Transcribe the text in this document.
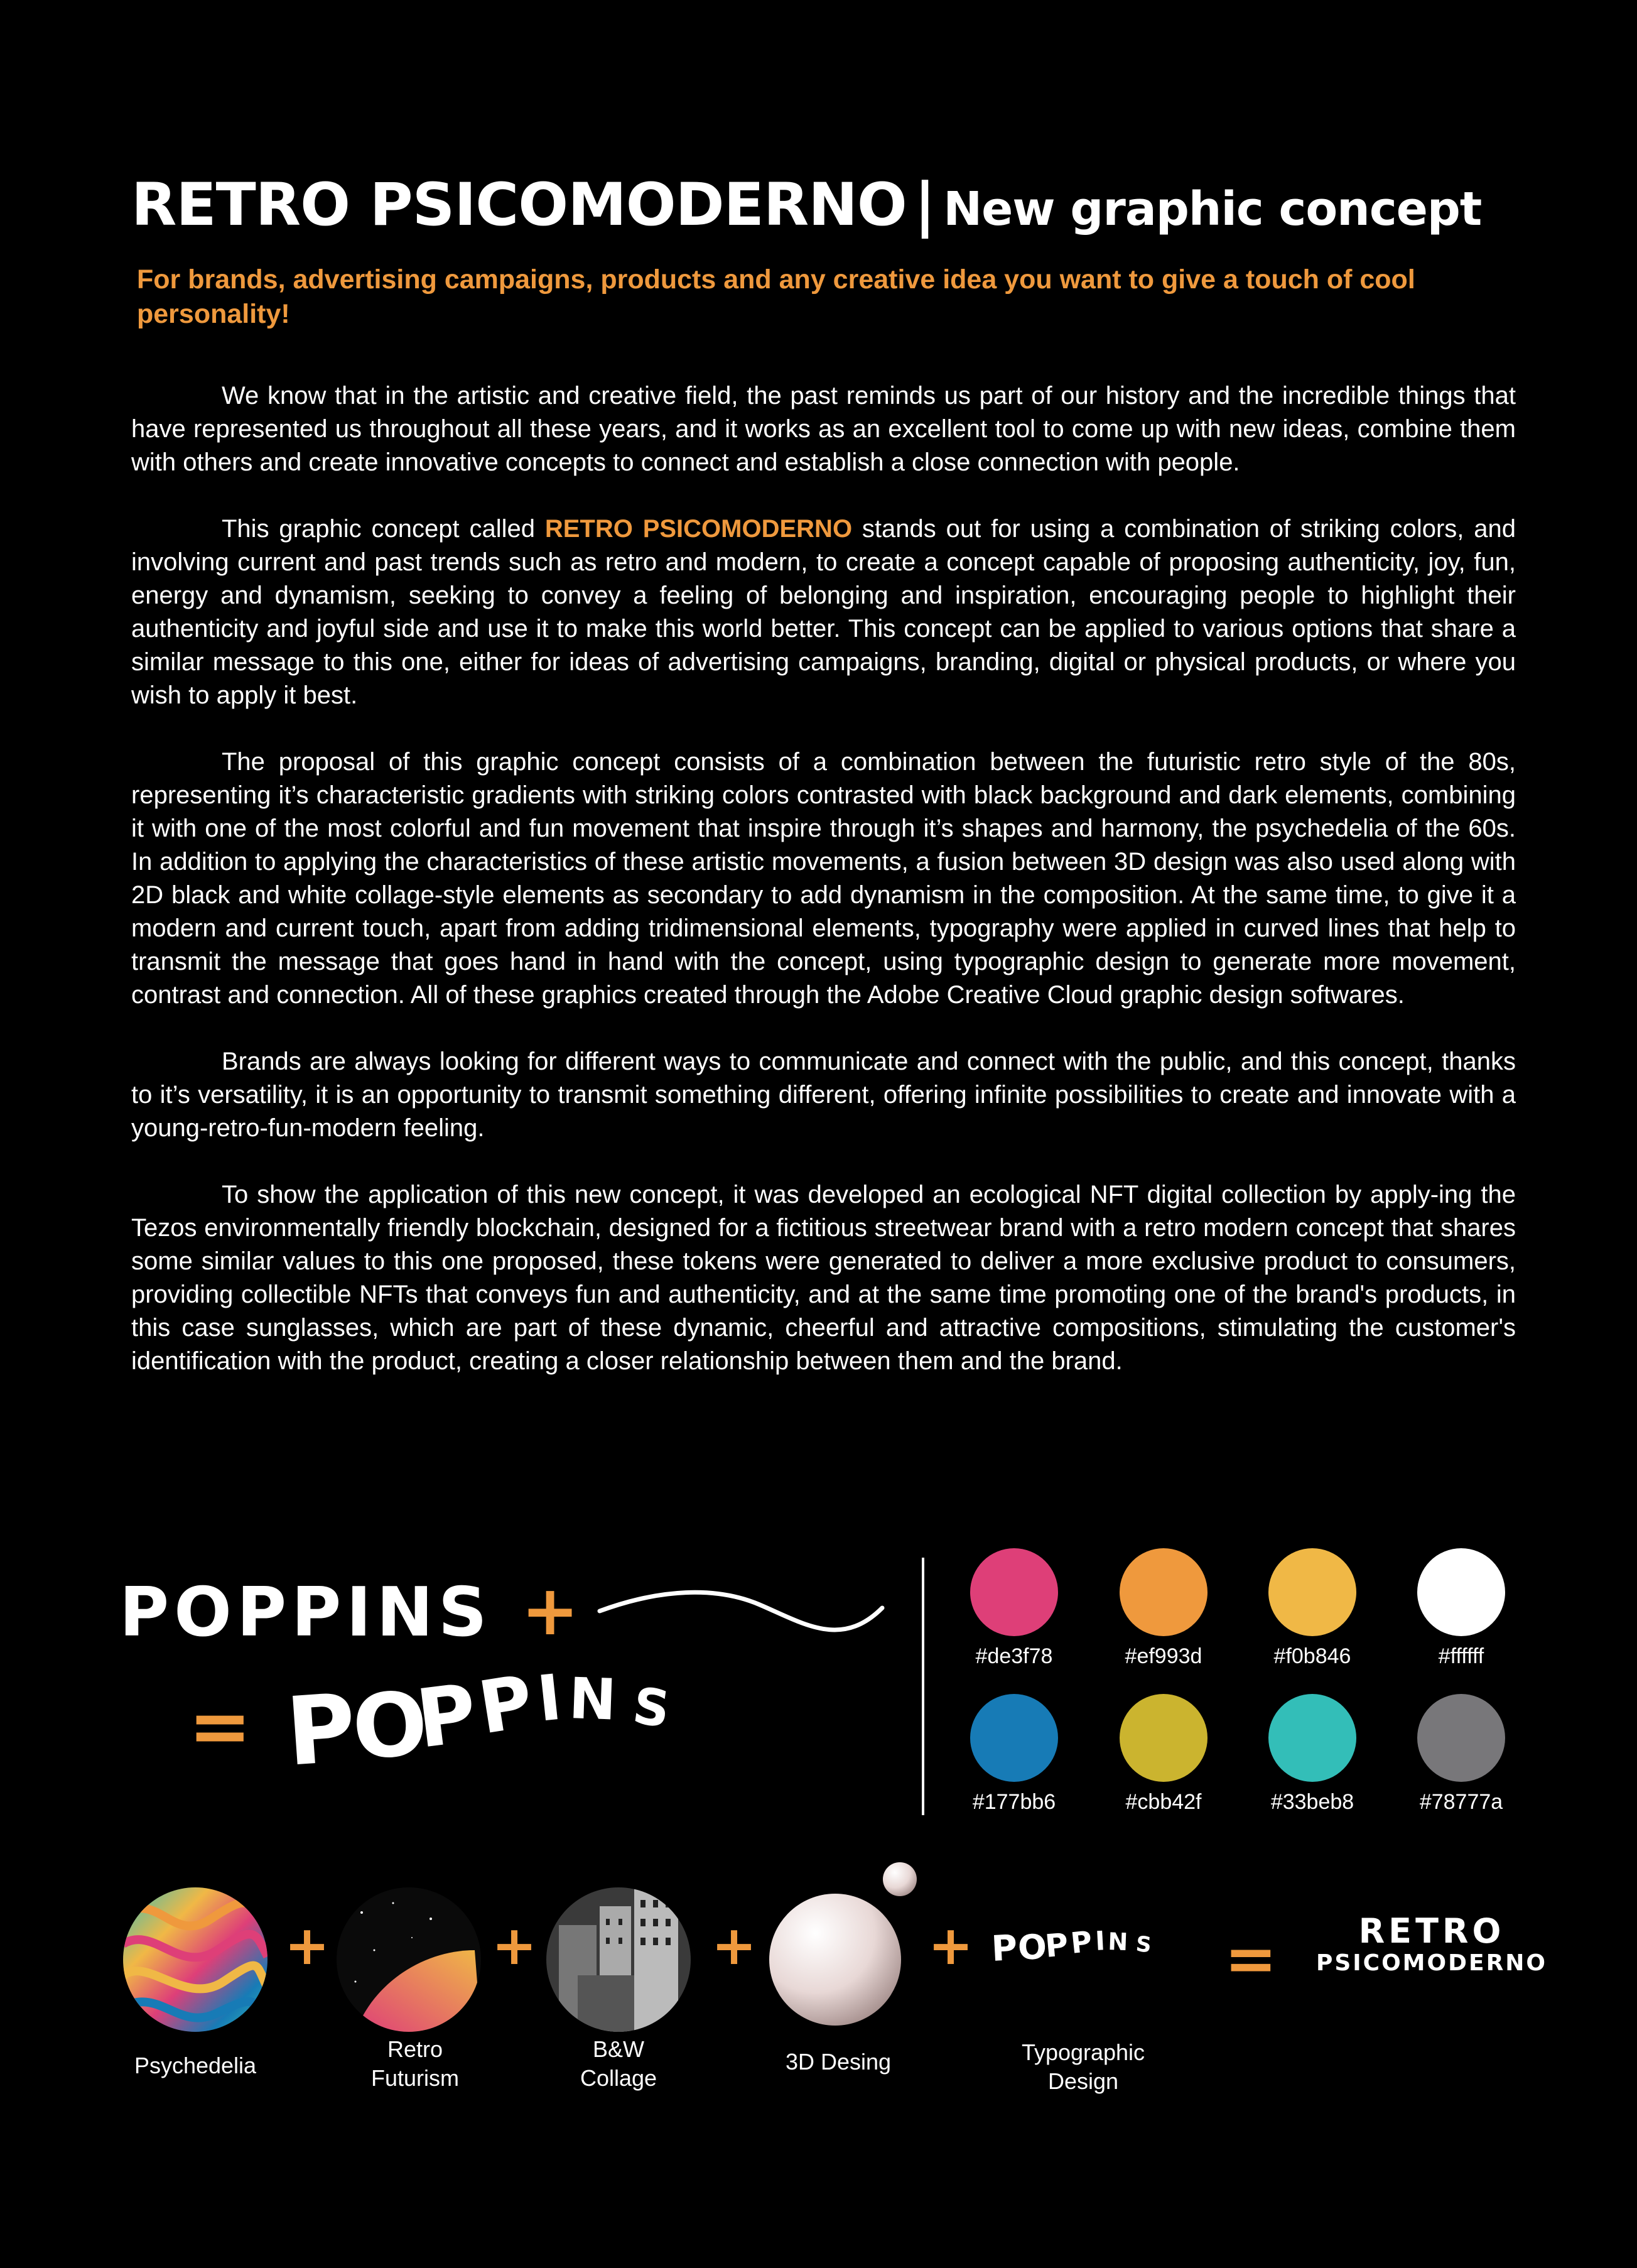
RETRO PSICOMODERNO | New graphic concept
For brands, advertising campaigns, products and any creative idea you want to give a touch of cool personality!

We know that in the artistic and creative field, the past reminds us part of our history and the incredible things that have represented us throughout all these years, and it works as an excellent tool to come up with new ideas, combine them with others and create innovative concepts to connect and establish a close connection with people.

This graphic concept called RETRO PSICOMODERNO stands out for using a combination of striking colors, and involving current and past trends such as retro and modern, to create a concept capable of proposing authenticity, joy, fun, energy and dynamism, seeking to convey a feeling of belonging and inspiration, encouraging people to highlight their authenticity and joyful side and use it to make this world better. This concept can be applied to various options that share a similar message to this one, either for ideas of advertising campaigns, branding, digital or physical products, or where you wish to apply it best.

The proposal of this graphic concept consists of a combination between the futuristic retro style of the 80s, representing it’s characteristic gradients with striking colors contrasted with black background and dark elements, combining it with one of the most colorful and fun movement that inspire through it’s shapes and harmony, the psychedelia of the 60s. In addition to applying the characteristics of these artistic movements, a fusion between 3D design was also used along with 2D black and white collage-style elements as secondary to add dynamism in the composition. At the same time, to give it a modern and current touch, apart from adding tridimensional elements, typography were applied in curved lines that help to transmit the message that goes hand in hand with the concept, using typographic design to generate more movement, contrast and connection. All of these graphics created through the Adobe Creative Cloud graphic design softwares.

Brands are always looking for different ways to communicate and connect with the public, and this concept, thanks to it’s versatility, it is an opportunity to transmit something different, offering infinite possibilities to create and innovate with a young-retro-fun-modern feeling.

To show the application of this new concept, it was developed an ecological NFT digital collection by apply-ing the Tezos environmentally friendly blockchain, designed for a fictitious streetwear brand with a retro modern concept that shares some similar values to this one proposed, these tokens were generated to deliver a more exclusive product to consumers, providing collectible NFTs that conveys fun and authenticity, and at the same time promoting one of the brand's products, in this case sunglasses, which are part of these dynamic, cheerful and attractive compositions, stimulating the customer's identification with the product, creating a closer relationship between them and the brand.

POPPINS +
= P
O
P
P
I N S
#de3f78	#ef993d	#f0b846	#ffffff
#177bb6	#cbb42f	#33beb8	#78777a
+	+	+	+ P
O
P
P I N S =	RETRO
PSICOMODERNO
Psychedelia
Retro
Futurism
B&W
Collage
3D Desing	Typographic
Design
